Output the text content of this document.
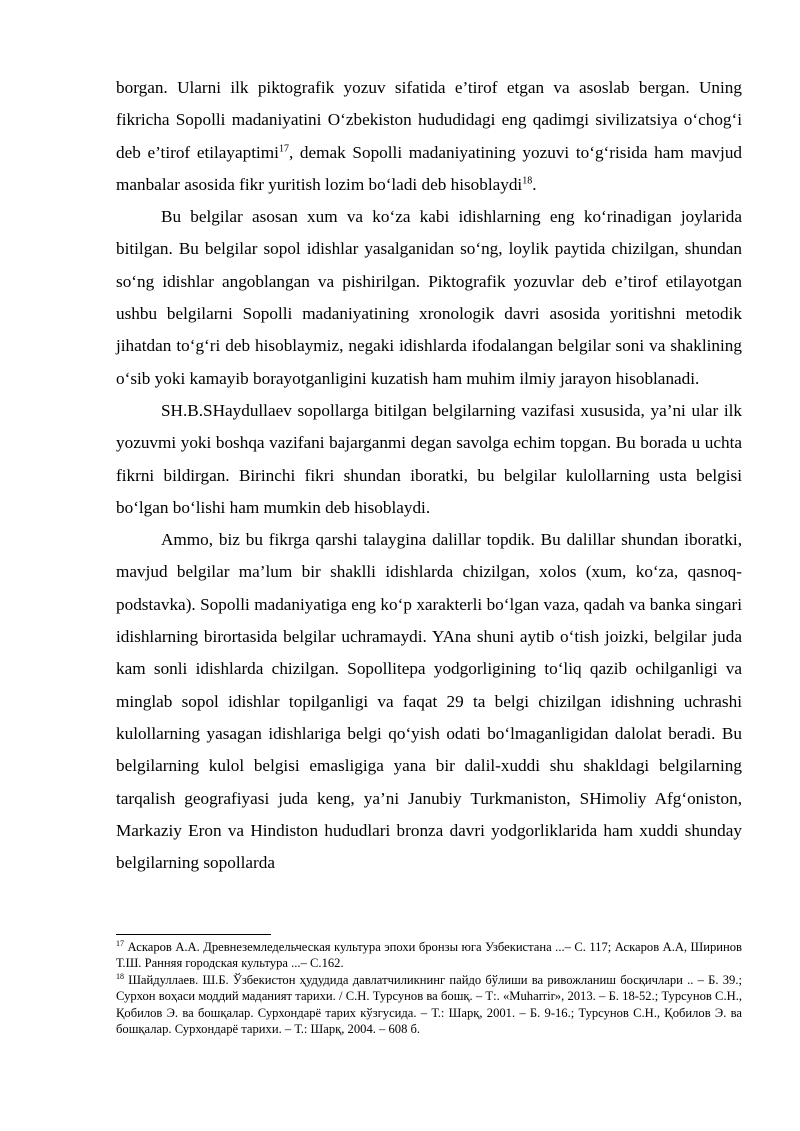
borgan. Ularni ilk piktografik yozuv sifatida e’tirof etgan va asoslab bergan. Uning fikricha Sopolli madaniyatini O‘zbekiston hududidagi eng qadimgi sivilizatsiya o‘chog‘i deb e’tirof etilayaptimi$^{17}$, demak Sopolli madaniyatining yozuvi to‘g‘risida ham mavjud manbalar asosida fikr yuritish lozim bo‘ladi deb hisoblaydi$^{18}$.

Bu belgilar asosan xum va ko‘za kabi idishlarning eng ko‘rinadigan joylarida bitilgan. Bu belgilar sopol idishlar yasalganidan so‘ng, loylik paytida chizilgan, shundan so‘ng idishlar angoblangan va pishirilgan. Piktografik yozuvlar deb e’tirof etilayotgan ushbu belgilarni Sopolli madaniyatining xronologik davri asosida yoritishni metodik jihatdan to‘g‘ri deb hisoblaymiz, negaki idishlarda ifodalangan belgilar soni va shaklining o‘sib yoki kamayib borayotganligini kuzatish ham muhim ilmiy jarayon hisoblanadi.

SH.B.SHaydullaev sopollarga bitilgan belgilarning vazifasi xususida, ya’ni ular ilk yozuvmi yoki boshqa vazifani bajarganmi degan savolga echim topgan. Bu borada u uchta fikrni bildirgan. Birinchi fikri shundan iboratki, bu belgilar kulollarning usta belgisi bo‘lgan bo‘lishi ham mumkin deb hisoblaydi.

Ammo, biz bu fikrga qarshi talaygina dalillar topdik. Bu dalillar shundan iboratki, mavjud belgilar ma’lum bir shaklli idishlarda chizilgan, xolos (xum, ko‘za, qasnoq-podstavka). Sopolli madaniyatiga eng ko‘p xarakterli bo‘lgan vaza, qadah va banka singari idishlarning birortasida belgilar uchramaydi. YAna shuni aytib o‘tish joizki, belgilar juda kam sonli idishlarda chizilgan. Sopollitepa yodgorligining to‘liq qazib ochilganligi va minglab sopol idishlar topilganligi va faqat 29 ta belgi chizilgan idishning uchrashi kulollarning yasagan idishlariga belgi qo‘yish odati bo‘lmaganligidan dalolat beradi. Bu belgilarning kulol belgisi emasligiga yana bir dalil-xuddi shu shakldagi belgilarning tarqalish geografiyasi juda keng, ya’ni Janubiy Turkmaniston, SHimoliy Afg‘oniston, Markaziy Eron va Hindiston hududlari bronza davri yodgorliklarida ham xuddi shunday belgilarning sopollarda

$^{17}$ Аскаров А.А. Древнеземледельческая культура эпохи бронзы юга Узбекистана ...– С. 117; Аскаров А.А, Ширинов Т.Ш. Ранняя городская культура ...– С.162.

$^{18}$ Шайдуллаев. Ш.Б. Ўзбекистон ҳудудида давлатчиликнинг пайдо бўлиши ва ривожланиш босқичлари .. – Б. 39.; Сурхон воҳаси моддий маданият тарихи. / С.Н. Турсунов ва бошқ. – Т:. «Muharrir», 2013. – Б. 18-52.; Турсунов С.Н., Қобилов Э. ва бошқалар. Сурхондарё тарих кўзгусида. – Т.: Шарқ, 2001. – Б. 9-16.; Турсунов С.Н., Қобилов Э. ва бошқалар. Сурхондарё тарихи. – Т.: Шарқ, 2004. – 608 б.
